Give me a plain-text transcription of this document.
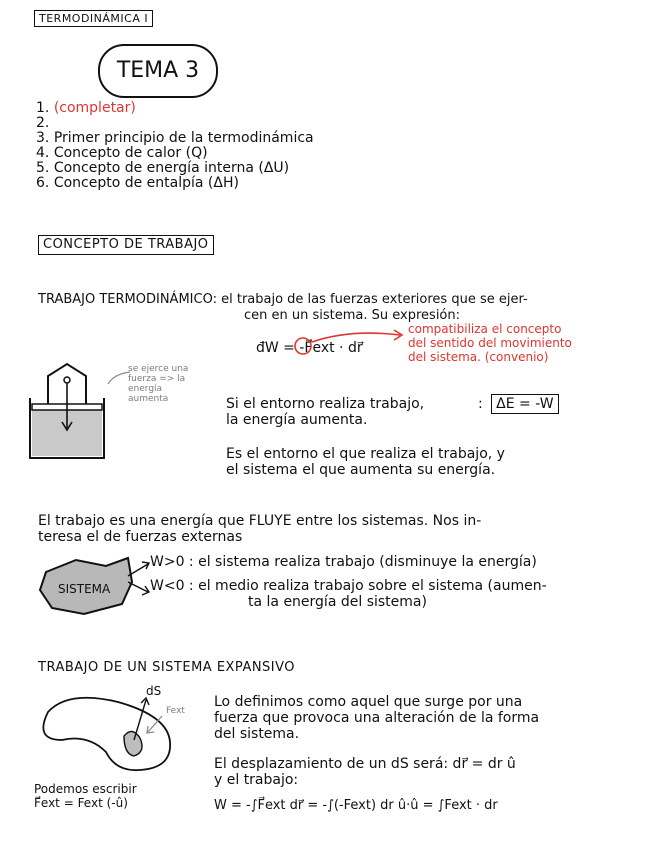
TERMODINÁMICA I
TEMA 3
1. (completar)
2.
3. Primer principio de la termodinámica
4. Concepto de calor (Q)
5. Concepto de energía interna (ΔU)
6. Concepto de entalpía (ΔH)
CONCEPTO DE TRABAJO
TRABAJO TERMODINÁMICO: el trabajo de las fuerzas exteriores que se ejer-
cen en un sistema. Su expresión:
đW = -F⃗ext · dr⃗
compatibiliza el concepto
del sentido del movimiento
del sistema. (convenio)
se ejerce una
fuerza => la
energía
aumenta	Si el entorno realiza trabajo,
la energía aumenta.
: ΔE = -W
Es el entorno el que realiza el trabajo, y
el sistema el que aumenta su energía.
El trabajo es una energía que FLUYE entre los sistemas. Nos in-
teresa el de fuerzas externas
SISTEMA
W>0 : el sistema realiza trabajo (disminuye la energía)
W<0 : el medio realiza trabajo sobre el sistema (aumen-
ta la energía del sistema)
TRABAJO DE UN SISTEMA EXPANSIVO
dS
Fext
Lo definimos como aquel que surge por una
fuerza que provoca una alteración de la forma
del sistema.
El desplazamiento de un dS será: dr⃗ = dr û
y el trabajo:
Podemos escribir
F⃗ext = Fext (-û)	W = -∫F⃗ext dr⃗ = -∫(-Fext) dr û·û = ∫Fext · dr
